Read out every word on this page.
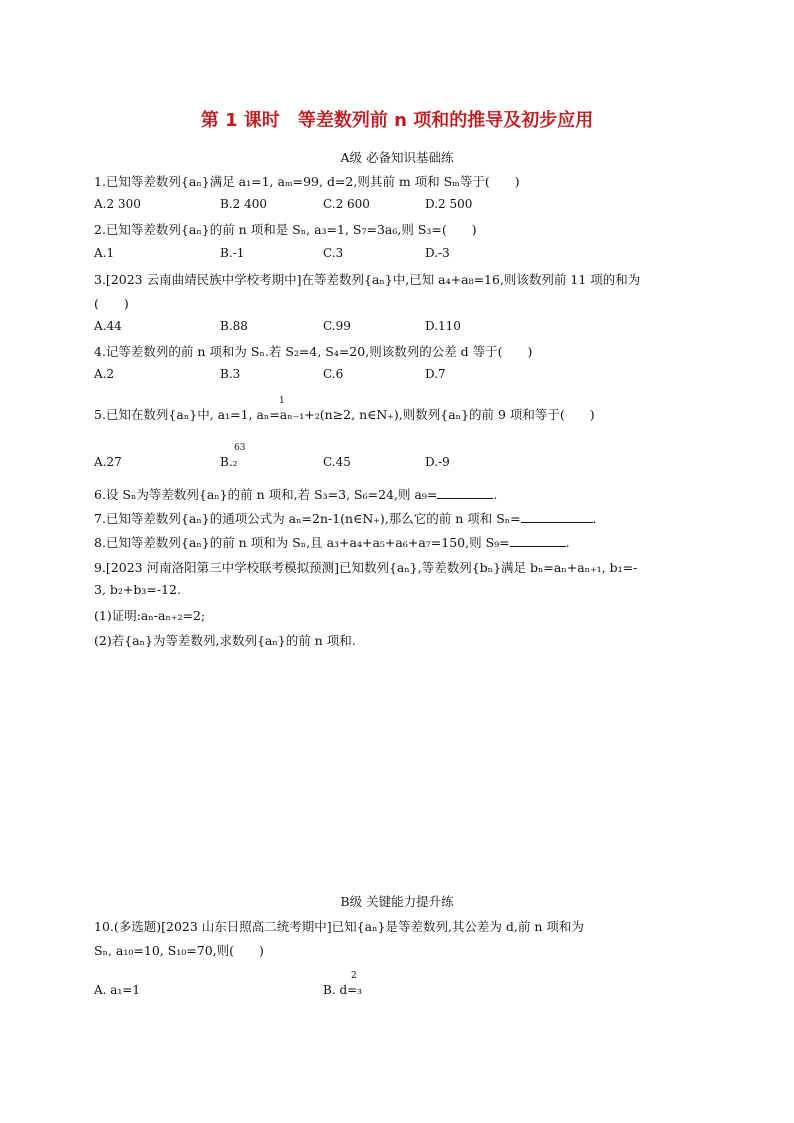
第 1 课时　等差数列前 n 项和的推导及初步应用
A级 必备知识基础练
1.已知等差数列{aₙ}满足 a₁=1, aₘ=99, d=2,则其前 m 项和 Sₘ等于(　　)
A.2 300	B.2 400	C.2 600	D.2 500
2.已知等差数列{aₙ}的前 n 项和是 Sₙ, a₃=1, S₇=3a₆,则 S₃=(　　)
A.1	B.-1	C.3	D.-3
3.[2023 云南曲靖民族中学校考期中]在等差数列{aₙ}中,已知 a₄+a₈=16,则该数列前 11 项的和为
(　　)
A.44	B.88	C.99	D.110
4.记等差数列的前 n 项和为 Sₙ.若 S₂=4, S₄=20,则该数列的公差 d 等于(　　)
A.2	B.3	C.6	D.7
1
5.已知在数列{aₙ}中, a₁=1, aₙ=aₙ₋₁+₂(n≥2, n∈N₊),则数列{aₙ}的前 9 项和等于(　　)
63
A.27	B.₂	C.45	D.-9
6.设 Sₙ为等差数列{aₙ}的前 n 项和,若 S₃=3, S₆=24,则 a₉=	.
7.已知等差数列{aₙ}的通项公式为 aₙ=2n-1(n∈N₊),那么它的前 n 项和 Sₙ=	.
8.已知等差数列{aₙ}的前 n 项和为 Sₙ,且 a₃+a₄+a₅+a₆+a₇=150,则 S₉=	.
9.[2023 河南洛阳第三中学校联考模拟预测]已知数列{aₙ},等差数列{bₙ}满足 bₙ=aₙ+aₙ₊₁, b₁=-
3, b₂+b₃=-12.
(1)证明:aₙ-aₙ₊₂=2;
(2)若{aₙ}为等差数列,求数列{aₙ}的前 n 项和.
B级 关键能力提升练
10.(多选题)[2023 山东日照高二统考期中]已知{aₙ}是等差数列,其公差为 d,前 n 项和为
Sₙ, a₁₀=10, S₁₀=70,则(　　)
A. a₁=1
2
B. d=₃
